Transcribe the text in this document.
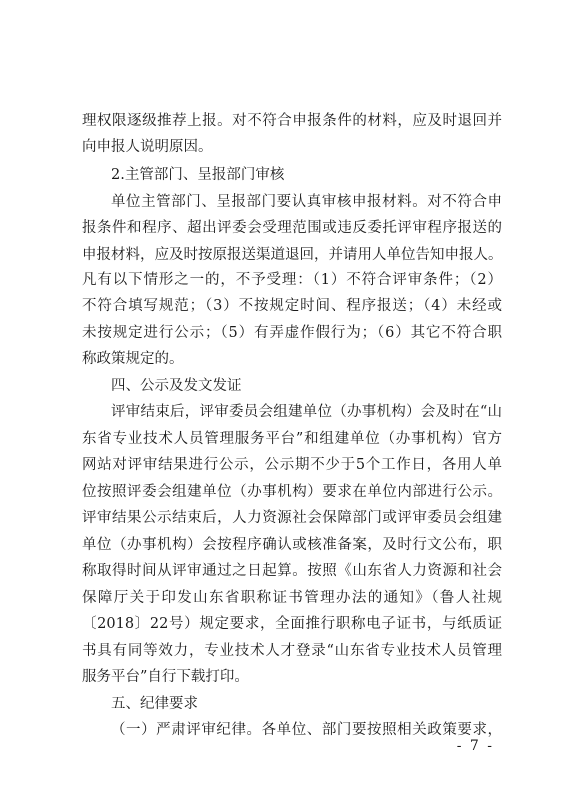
理权限逐级推荐上报。对不符合申报条件的材料，应及时退回并
向申报人说明原因。
2.主管部门、呈报部门审核
单位主管部门、呈报部门要认真审核申报材料。对不符合申
报条件和程序、超出评委会受理范围或违反委托评审程序报送的
申报材料，应及时按原报送渠道退回，并请用人单位告知申报人。
凡有以下情形之一的，不予受理：（1）不符合评审条件；（2）
不符合填写规范；（3）不按规定时间、程序报送；（4）未经或
未按规定进行公示；（5）有弄虚作假行为；（6）其它不符合职
称政策规定的。
四、公示及发文发证
评审结束后，评审委员会组建单位（办事机构）会及时在“山
东省专业技术人员管理服务平台”和组建单位（办事机构）官方
网站对评审结果进行公示，公示期不少于5个工作日，各用人单
位按照评委会组建单位（办事机构）要求在单位内部进行公示。
评审结果公示结束后，人力资源社会保障部门或评审委员会组建
单位（办事机构）会按程序确认或核准备案，及时行文公布，职
称取得时间从评审通过之日起算。按照《山东省人力资源和社会
保障厅关于印发山东省职称证书管理办法的通知》（鲁人社规
〔2018〕22号）规定要求，全面推行职称电子证书，与纸质证
书具有同等效力，专业技术人才登录“山东省专业技术人员管理
服务平台”自行下载打印。
五、纪律要求
（一）严肃评审纪律。各单位、部门要按照相关政策要求，
- 7 -
